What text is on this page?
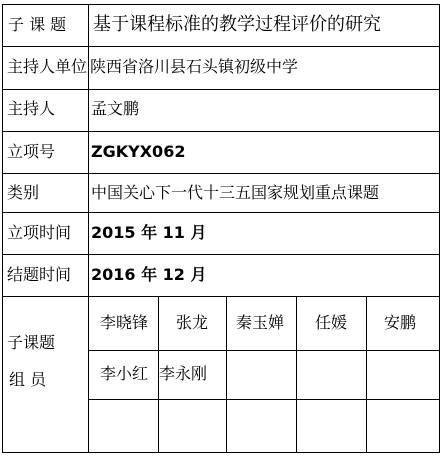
子 课 题 基于课程标准的教学过程评价的研究
主持人单位 陕西省洛川县石头镇初级中学
主持人 孟文鹏
立项号 ZGKYX062
类别	中国关心下一代十三五国家规划重点课题
立项时间 2015 年 11 月
结题时间 2016 年 12 月
子课题
组 员
李晓锋 张龙 秦玉婵 任媛 安鹏
李小红 李永刚
